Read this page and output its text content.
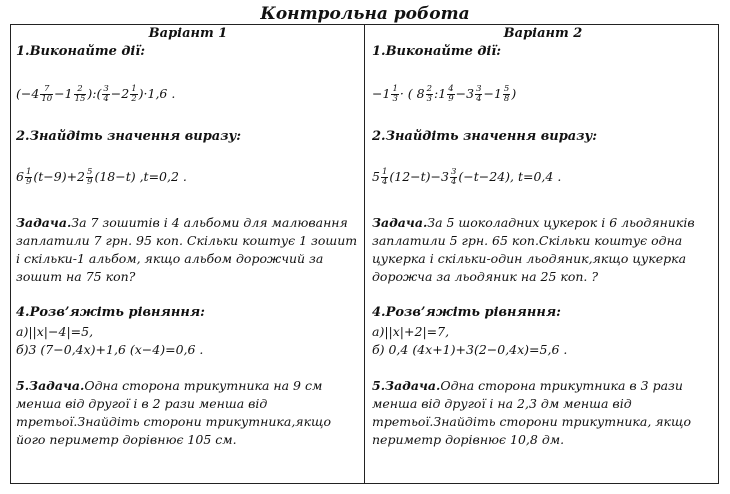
Контрольна робота
Варіант 1
1.Виконайте дії:
($-4 \frac{7}{10} -1 \frac{2}{15}$ ):( $\frac{3}{4} -2 \frac{1}{2} )\cdot 1,6$ .
2.Знайдіть значення виразу:
$6 \frac{1}{9} (t-9)+2 \frac{5}{9} (18-t)$ ,t=0,2 .
Задача.За 7 зошитів і 4 альбоми для малювання заплатили 7 грн. 95 коп. Скільки коштує 1 зошит і скільки-1 альбом, якщо альбом дорожчий за зошит на 75 коп?
4.Розв’яжіть рівняння:
а)||x|−4|=5,
б)3 (7−0,4x)+1,6 (x−4)=0,6 .
5.Задача.Одна сторона трикутника на 9 см менша від другої і в 2 рази менша від третьої.Знайдіть сторони трикутника,якщо його периметр дорівнює 105 см.
Варіант 2
1.Виконайте дії:
$-1 \frac{1}{3}$ · ( $8 \frac{2}{3}$ :1 $\frac{4}{9} -3 \frac{3}{4} -1 \frac{5}{8}$ )
2.Знайдіть значення виразу:
$5 \frac{1}{4} (12-t)-3 \frac{3}{4} (-t-24)$, t=0,4 .
Задача.За 5 шоколадних цукерок і 6 льодяників заплатили 5 грн. 65 коп.Скільки коштує одна цукерка і скільки-один льодяник,якщо цукерка дорожча за льодяник на 25 коп. ?
4.Розв’яжіть рівняння:
а)||x|+2|=7,
б) 0,4 (4x+1)+3(2−0,4x)=5,6 .
5.Задача.Одна сторона трикутника в 3 рази менша від другої і на 2,3 дм менша від третьої.Знайдіть сторони трикутника, якщо периметр дорівнює 10,8 дм.
